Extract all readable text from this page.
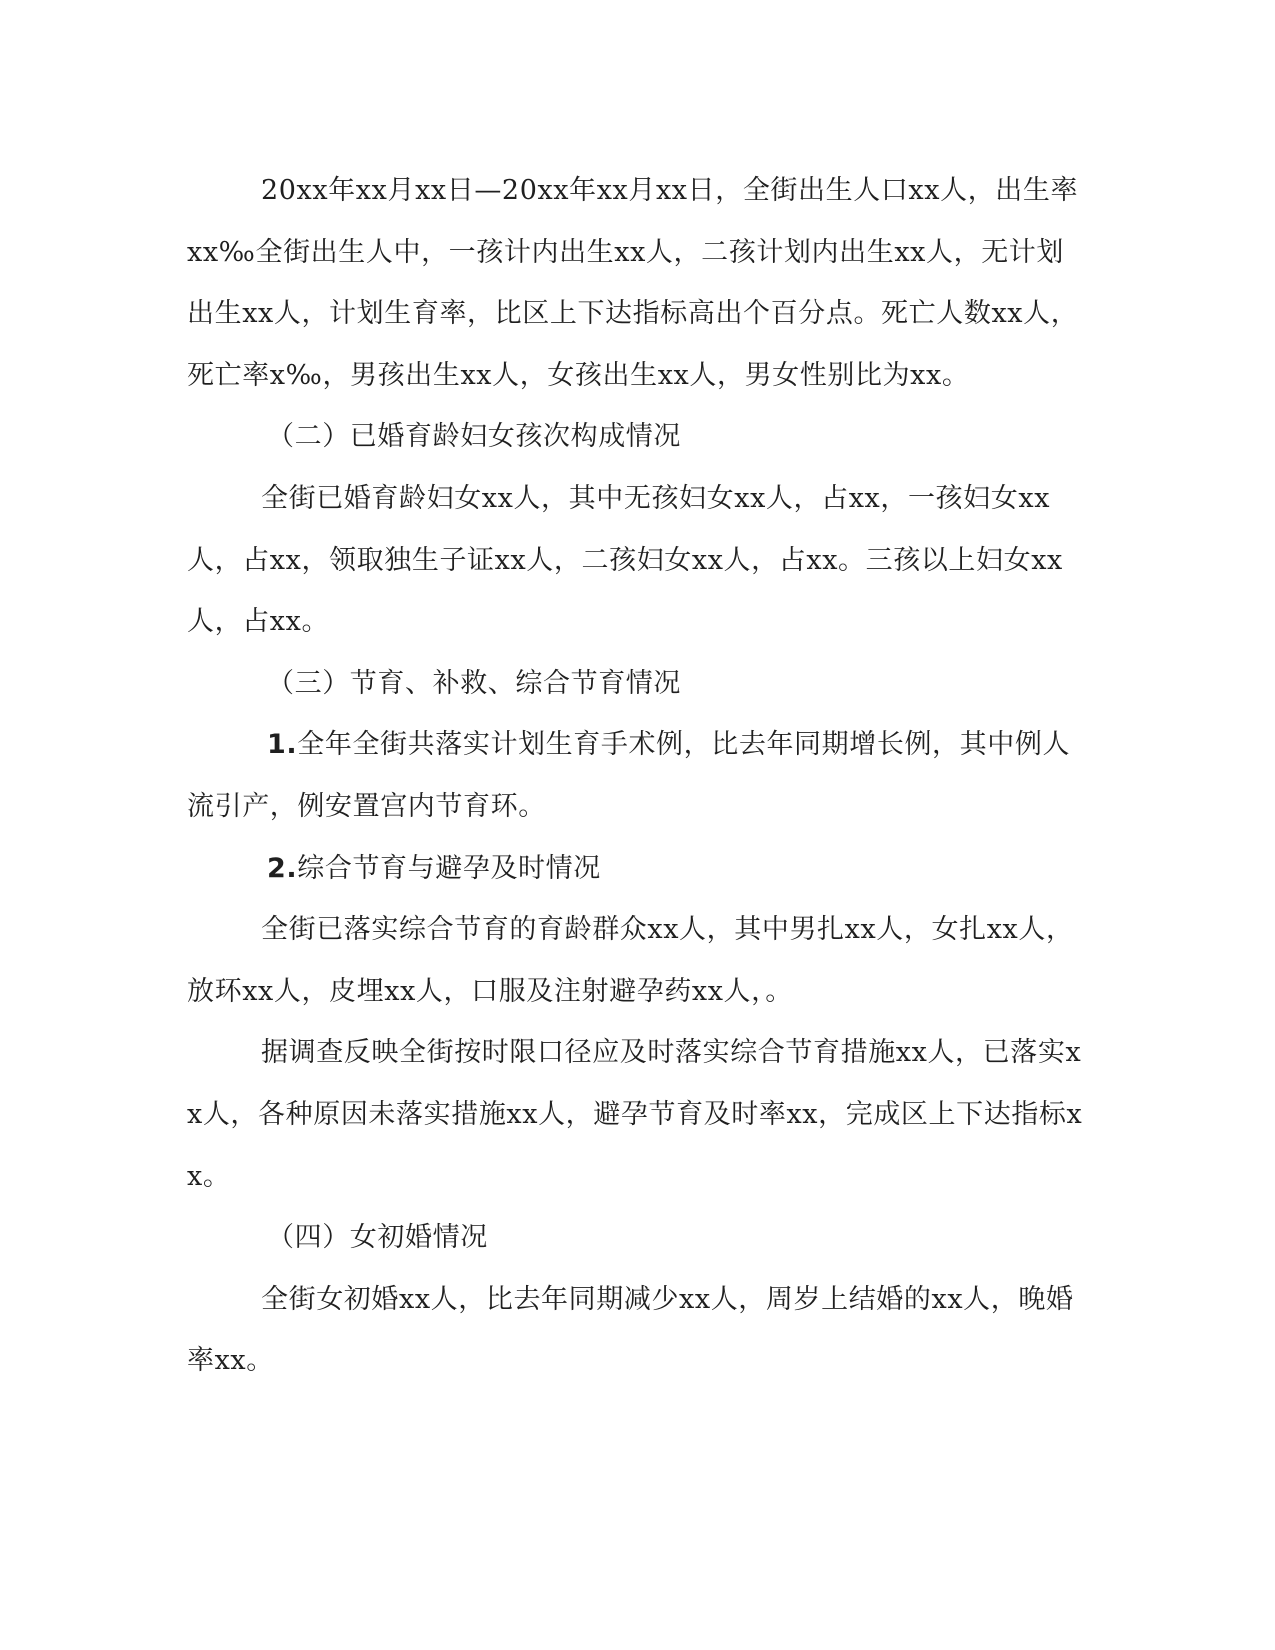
20xx年xx月xx日—20xx年xx月xx日，全街出生人口xx人，出生率xx‰全街出生人中，一孩计内出生xx人，二孩计划内出生xx人，无计划出生xx人，计划生育率，比区上下达指标高出个百分点。死亡人数xx人，死亡率x‰，男孩出生xx人，女孩出生xx人，男女性别比为xx。

（二）已婚育龄妇女孩次构成情况

全街已婚育龄妇女xx人，其中无孩妇女xx人，占xx，一孩妇女xx人，占xx，领取独生子证xx人，二孩妇女xx人，占xx。三孩以上妇女xx人，占xx。

（三）节育、补救、综合节育情况

1.全年全街共落实计划生育手术例，比去年同期增长例，其中例人流引产，例安置宫内节育环。

2.综合节育与避孕及时情况

全街已落实综合节育的育龄群众xx人，其中男扎xx人，女扎xx人，放环xx人，皮埋xx人，口服及注射避孕药xx人，。

据调查反映全街按时限口径应及时落实综合节育措施xx人，已落实xx人，各种原因未落实措施xx人，避孕节育及时率xx，完成区上下达指标xx。

（四）女初婚情况

全街女初婚xx人，比去年同期减少xx人，周岁上结婚的xx人，晚婚率xx。
